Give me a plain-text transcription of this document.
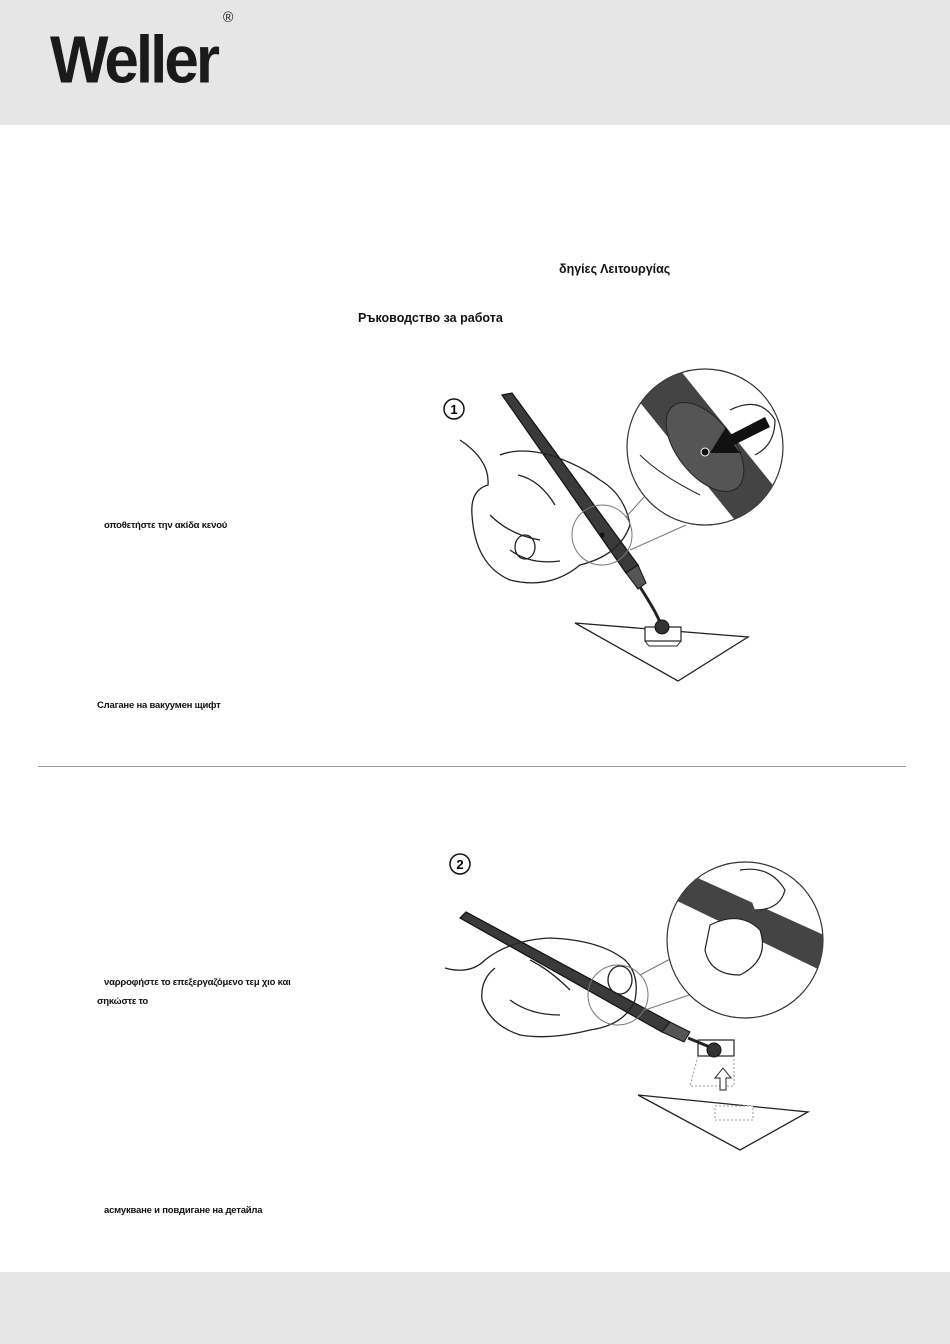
Weller®
δηγίες Λειτουργίας
Ръководство за работа
1
οποθετήστε την ακίδα κενού
Слагане на вакуумен щифт
2
ναρροφήστε το επεξεργαζόμενο τεμ χιο και
σηκώστε το
асмукване и повдигане на детайла
